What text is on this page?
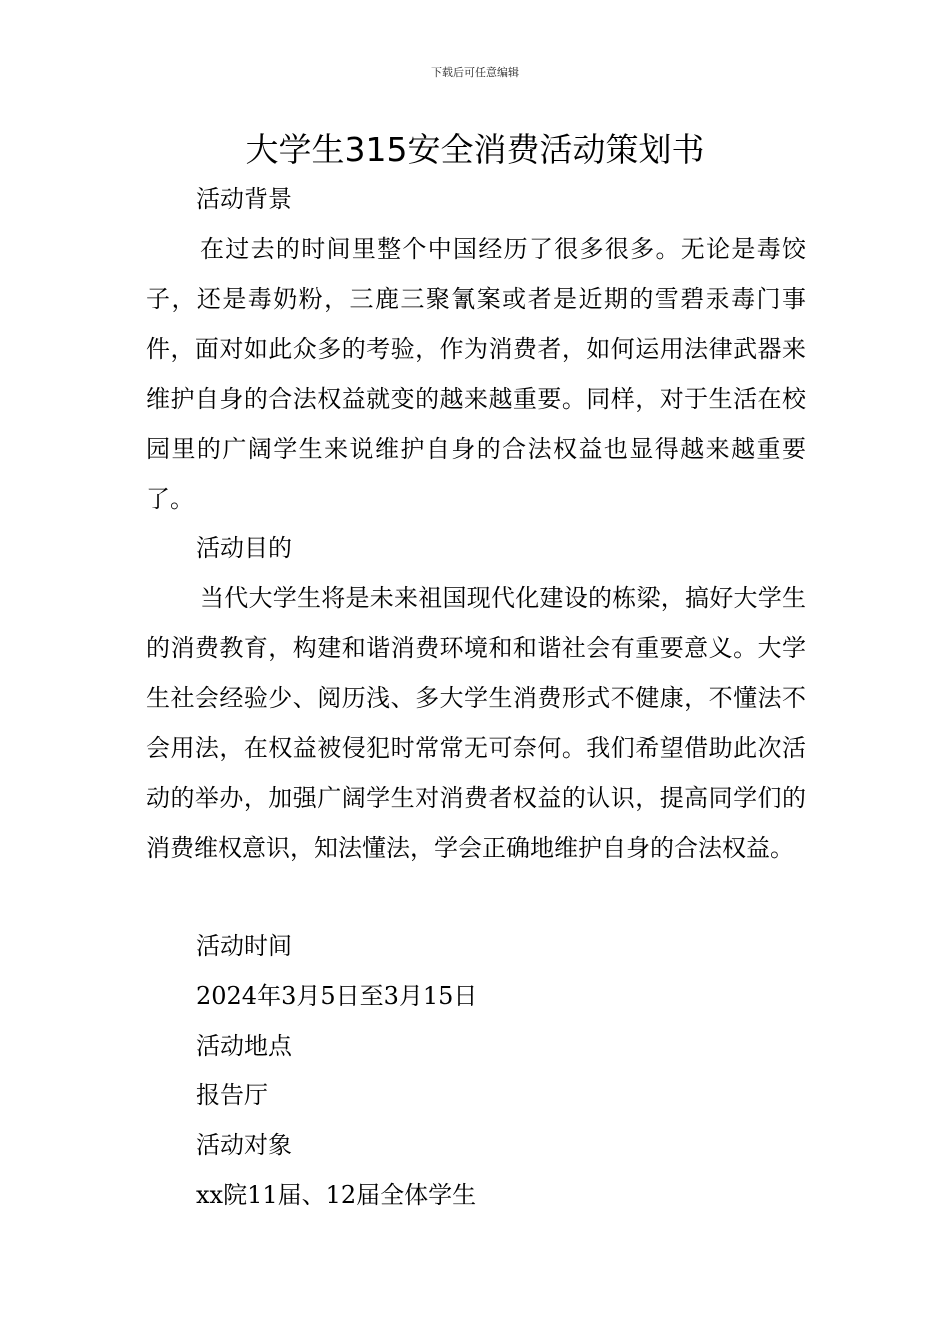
下载后可任意编辑
大学生315安全消费活动策划书
活动背景

在过去的时间里整个中国经历了很多很多。无论是毒饺子，还是毒奶粉，三鹿三聚氰案或者是近期的雪碧汞毒门事件，面对如此众多的考验，作为消费者，如何运用法律武器来维护自身的合法权益就变的越来越重要。同样，对于生活在校园里的广阔学生来说维护自身的合法权益也显得越来越重要了。

活动目的

当代大学生将是未来祖国现代化建设的栋梁，搞好大学生的消费教育，构建和谐消费环境和和谐社会有重要意义。大学生社会经验少、阅历浅、多大学生消费形式不健康，不懂法不会用法，在权益被侵犯时常常无可奈何。我们希望借助此次活动的举办，加强广阔学生对消费者权益的认识，提高同学们的消费维权意识，知法懂法，学会正确地维护自身的合法权益。

活动时间
2024年3月5日至3月15日
活动地点
报告厅
活动对象
xx院11届、12届全体学生
